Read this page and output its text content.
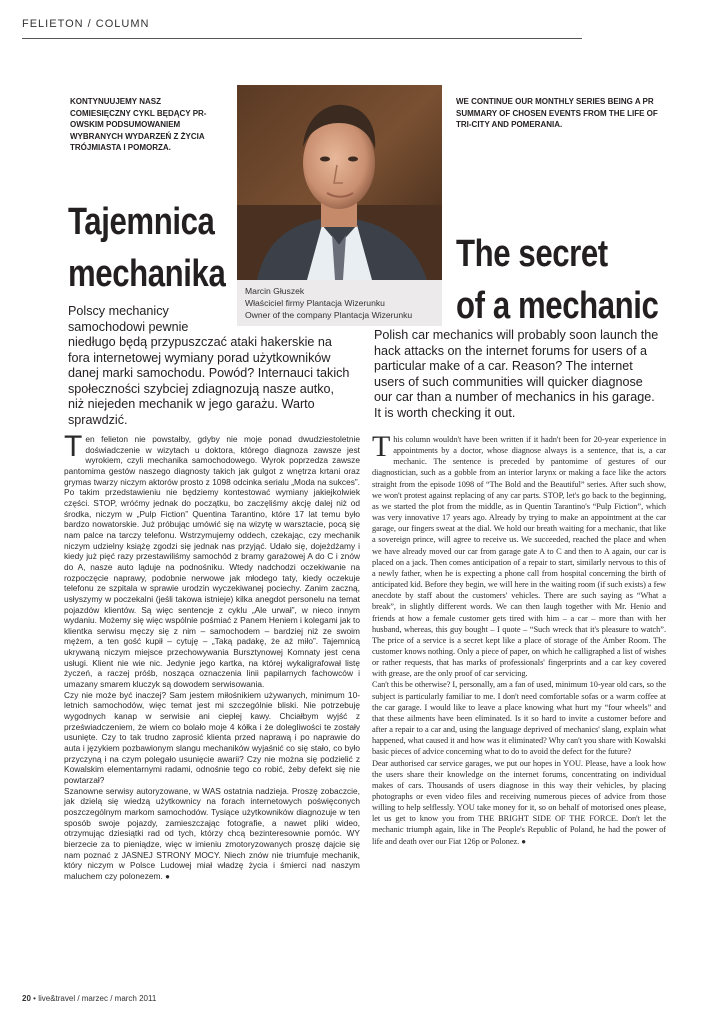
FELIETON / COLUMN
KONTYNUUJEMY NASZ COMIESIĘCZNY CYKL BĘDĄCY PR-OWSKIM PODSUMOWANIEM WYBRANYCH WYDARZEŃ Z ŻYCIA TRÓJMIASTA I POMORZA.
WE CONTINUE OUR MONTHLY SERIES BEING A PR SUMMARY OF CHOSEN EVENTS FROM THE LIFE OF TRI-CITY AND POMERANIA.
Marcin Głuszek
Właściciel firmy Plantacja Wizerunku
Owner of the company Plantacja Wizerunku
Tajemnica
mechanika	The secret
of a mechanic

Polscy mechanicy

samochodowi pewnie

niedługo będą przypuszczać ataki hakerskie na fora internetowej wymiany porad użytkowników danej marki samochodu. Powód? Internauci takich społeczności szybciej zdiagnozują nasze autko, niż niejeden mechanik w jego garażu. Warto sprawdzić.

Polish car mechanics will probably soon launch the hack attacks on the internet forums for users of a particular make of a car. Reason? The internet users of such communities will quicker diagnose our car than a number of mechanics in his garage. It is worth checking it out.

Ten felieton nie powstałby, gdyby nie moje ponad dwudziestoletnie doświadczenie w wizytach u doktora, którego diagnoza zawsze jest wyrokiem, czyli mechanika samochodowego. Wyrok poprzedza zawsze pantomima gestów naszego diagnosty takich jak gulgot z wnętrza krtani oraz grymas twarzy niczym aktorów prosto z 1098 odcinka serialu „Moda na sukces”. Po takim przedstawieniu nie będziemy kontestować wymiany jakiejkolwiek części. STOP, wróćmy jednak do początku, bo zaczęliśmy akcję dalej niż od środka, niczym w „Pulp Fiction” Quentina Tarantino, które 17 lat temu było bardzo nowatorskie. Już próbując umówić się na wizytę w warsztacie, pocą się nam palce na tarczy telefonu. Wstrzymujemy oddech, czekając, czy mechanik niczym udzielny książę zgodzi się jednak nas przyjąć. Udało się, dojeżdżamy i kiedy już pięć razy przestawiliśmy samochód z bramy garażowej A do C i znów do A, nasze auto ląduje na podnośniku. Wtedy nadchodzi oczekiwanie na rozpoczęcie naprawy, podobnie nerwowe jak młodego taty, kiedy oczekuje telefonu ze szpitala w sprawie urodzin wyczekiwanej pociechy. Zanim zaczną, usłyszymy w poczekalni (jeśli takowa istnieje) kilka anegdot personelu na temat pojazdów klientów. Są więc sentencje z cyklu „Ale urwał”, w nieco innym wydaniu. Możemy się więc wspólnie pośmiać z Panem Heniem i kolegami jak to klientka serwisu męczy się z nim – samochodem – bardziej niż ze swoim mężem, a ten gość kupił – cytuję – „Taką padakę, że aż miło”. Tajemnicą ukrywaną niczym miejsce przechowywania Bursztynowej Komnaty jest cena usługi. Klient nie wie nic. Jedynie jego kartka, na której wykaligrafował listę życzeń, a raczej próśb, nosząca oznaczenia linii papilarnych fachowców i umazany smarem kluczyk są dowodem serwisowania.

Czy nie może być inaczej? Sam jestem miłośnikiem używanych, minimum 10-letnich samochodów, więc temat jest mi szczególnie bliski. Nie potrzebuję wygodnych kanap w serwisie ani ciepłej kawy. Chciałbym wyjść z przeświadczeniem, że wiem co bolało moje 4 kółka i że dolegliwości te zostały usunięte. Czy to tak trudno zaprosić klienta przed naprawą i po naprawie do auta i językiem pozbawionym slangu mechaników wyjaśnić co się stało, co było przyczyną i na czym polegało usunięcie awarii? Czy nie można się podzielić z Kowalskim elementarnymi radami, odnośnie tego co robić, żeby defekt się nie powtarzał?

Szanowne serwisy autoryzowane, w WAS ostatnia nadzieja. Proszę zobaczcie, jak dzielą się wiedzą użytkownicy na forach internetowych poświęconych poszczególnym markom samochodów. Tysiące użytkowników diagnozuje w ten sposób swoje pojazdy, zamieszczając fotografie, a nawet pliki wideo, otrzymując dziesiątki rad od tych, którzy chcą bezinteresownie pomóc. WY bierzecie za to pieniądze, więc w imieniu zmotoryzowanych proszę dajcie się nam poznać z JASNEJ STRONY MOCY. Niech znów nie triumfuje mechanik, który niczym w Polsce Ludowej miał władzę życia i śmierci nad naszym maluchem czy polonezem. ●

This column wouldn't have been written if it hadn't been for 20-year experience in appointments by a doctor, whose diagnose always is a sentence, that is, a car mechanic. The sentence is preceded by pantomime of gestures of our diagnostician, such as a gobble from an interior larynx or making a face like the actors straight from the episode 1098 of “The Bold and the Beautiful” series. After such show, we won't protest against replacing of any car parts. STOP, let's go back to the beginning, as we started the plot from the middle, as in Quentin Tarantino's “Pulp Fiction”, which was very innovative 17 years ago. Already by trying to make an appointment at the car garage, our fingers sweat at the dial. We hold our breath waiting for a mechanic, that like a sovereign prince, will agree to receive us. We succeeded, reached the place and when we have already moved our car from garage gate A to C and then to A again, our car is placed on a jack. Then comes anticipation of a repair to start, similarly nervous to this of a newly father, when he is expecting a phone call from hospital concerning the birth of anticipated kid. Before they begin, we will here in the waiting room (if such exists) a few anecdote by staff about the customers' vehicles. There are such saying as “What a break”, in slightly different words. We can then laugh together with Mr. Henio and friends at how a female customer gets tired with him – a car – more than with her husband, whereas, this guy bought – I quote – “Such wreck that it's pleasure to watch”. The price of a service is a secret kept like a place of storage of the Amber Room. The customer knows nothing. Only a piece of paper, on which he calligraphed a list of wishes or rather requests, that has marks of professionals' fingerprints and a car key covered with grease, are the only proof of car servicing.

Can't this be otherwise? I, personally, am a fan of used, minimum 10-year old cars, so the subject is particularly familiar to me. I don't need comfortable sofas or a warm coffee at the car garage. I would like to leave a place knowing what hurt my “four wheels” and that these ailments have been eliminated. Is it so hard to invite a customer before and after a repair to a car and, using the language deprived of mechanics' slang, explain what happened, what caused it and how was it eliminated? Why can't you share with Kowalski basic pieces of advice concerning what to do to avoid the defect for the future?

Dear authorised car service garages, we put our hopes in YOU. Please, have a look how the users share their knowledge on the internet forums, concentrating on individual makes of cars. Thousands of users diagnose in this way their vehicles, by placing photographs or even video files and receiving numerous pieces of advice from those willing to help selflessly. YOU take money for it, so on behalf of motorised ones please, let us get to know you from THE BRIGHT SIDE OF THE FORCE. Don't let the mechanic triumph again, like in The People's Republic of Poland, he had the power of life and death over our Fiat 126p or Polonez. ●

20 • live&travel / marzec / march 2011
